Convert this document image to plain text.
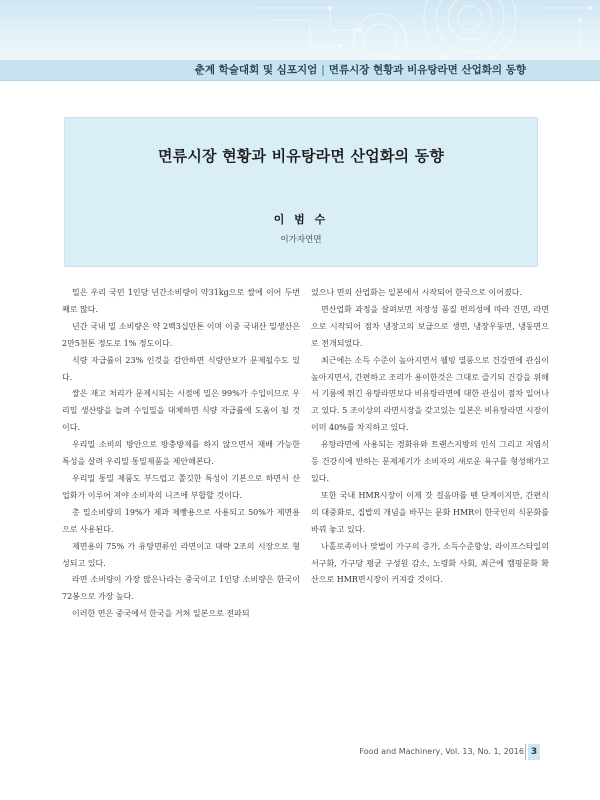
춘계 학술대회 및 심포지엄 | 면류시장 현황과 비유탕라면 산업화의 동향
면류시장 현황과 비유탕라면 산업화의 동향
이 범 수
이가자연면

밀은 우리 국민 1인당 년간소비량이 약31kg으로 쌀에 이어 두번째로 많다.

년간 국내 밀 소비량은 약 2백3십만톤 이며 이중 국내산 밀생산은 2만5천톤 정도로 1% 정도이다.

식량 자급률이 23% 인것을 감안하면 식량안보가 문제될수도 있다.

쌀은 재고 처리가 문제시되는 시점에 밀은 99%가 수입이므로 우리밀 생산량을 늘려 수입밀을 대체하면 식량 자급률에 도움이 될 것이다.

우리밀 소비의 방안으로 방충방제를 하지 않으면서 재배 가능한 특성을 살려 우리밀 통밀제품을 제안해본다.

우리밀 통밀 제품도 부드럽고 쫄깃한 특성이 기본으로 하면서 산업화가 이루어 져야 소비자의 니즈에 부합할 것이다.

총 밀소비량의 19%가 제과 제빵용으로 사용되고 50%가 제면용으로 사용된다.

제면용의 75% 가 유탕면류인 라면이고 대략 2조의 시장으로 형성되고 있다.

라면 소비량이 가장 많은나라는 중국이고 1인당 소비량은 한국이 72봉으로 가장 높다.

이러한 면은 중국에서 한국을 거쳐 일본으로 전파되

었으나 면의 산업화는 일본에서 시작되어 한국으로 이어졌다.

면산업화 과정을 살펴보면 저장성 품질 편의성에 따라 건면, 라면으로 시작되어 점차 냉장고의 보급으로 생면, 냉장우동면, 냉동면으로 전개되었다.

최근에는 소득 수준이 높아지면서 웰빙 열풍으로 건강면에 관심이 높아지면서, 간편하고 조리가 용이한것은 그대로 즐기되 건강을 위해서 기름에 튀긴 유탕라면보다 비유탕라면에 대한 관심이 점차 일어나고 있다. 5 조이상의 라면시장을 갖고있는 일본은 비유탕라면 시장이 이미 40%를 차지하고 있다.

유탕라면에 사용되는 경화유와 트랜스지방의 인식 그리고 저염식등 건강식에 반하는 문제제기가 소비자의 새로운 욕구를 형성해가고 있다.

또한 국내 HMR시장이 이제 갓 걸음마를 뗀 단계이지만, 간편식의 대중화로, 집밥의 개념을 바꾸는 문화 HMR이 한국인의 식문화를 바꿔 놓고 있다.

나홀로족이나 맞벌이 가구의 증가, 소득수준향상, 라이프스타일의 서구화, 가구당 평균 구성원 감소, 노령화 사회, 최근에 캠핑문화 확산으로 HMR면시장이 커져갈 것이다.

Food and Machinery, Vol. 13, No. 1, 2016 3
